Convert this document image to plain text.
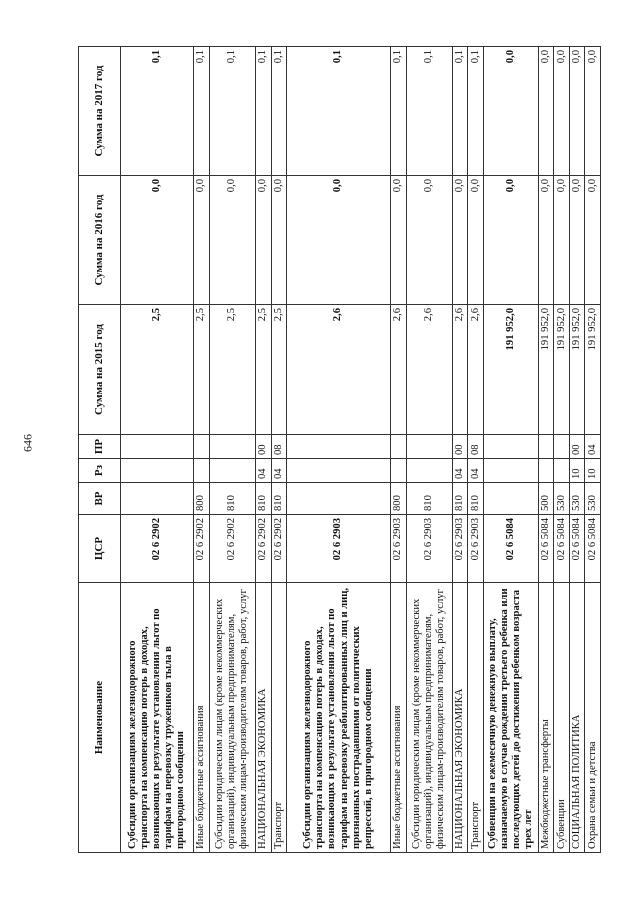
646
Наименование	ЦСР	ВР	Рз	ПР	Сумма на 2015 год	Сумма на 2016 год	Сумма на 2017 год
Субсидии организациям железнодорожного транспорта на компенсацию потерь в доходах, возникающих в результате установления льгот по тарифам на перевозку тружеников тыла в пригородном сообщении	02 6 2902				2,5	0,0	0,1
Иные бюджетные ассигнования	02 6 2902	800			2,5	0,0	0,1
Субсидии юридическим лицам (кроме некоммерческих организаций), индивидуальным предпринимателям, физическим лицам-производителям товаров, работ, услуг	02 6 2902	810			2,5	0,0	0,1
НАЦИОНАЛЬНАЯ ЭКОНОМИКА	02 6 2902	810	04	00	2,5	0,0	0,1
Транспорт	02 6 2902	810	04	08	2,5	0,0	0,1
Субсидии организациям железнодорожного транспорта на компенсацию потерь в доходах, возникающих в результате установления льгот по тарифам на перевозку реабилитированных лиц и лиц, признанных пострадавшими от политических репрессий, в пригородном сообщении	02 6 2903				2,6	0,0	0,1
Иные бюджетные ассигнования	02 6 2903	800			2,6	0,0	0,1
Субсидии юридическим лицам (кроме некоммерческих организаций), индивидуальным предпринимателям, физическим лицам-производителям товаров, работ, услуг	02 6 2903	810			2,6	0,0	0,1
НАЦИОНАЛЬНАЯ ЭКОНОМИКА	02 6 2903	810	04	00	2,6	0,0	0,1
Транспорт	02 6 2903	810	04	08	2,6	0,0	0,1
Субвенции на ежемесячную денежную выплату, назначаемую в случае рождения третьего ребенка или последующих детей до достижения ребенком возраста трех лет	02 6 5084				191 952,0	0,0	0,0
Межбюджетные трансферты	02 6 5084	500			191 952,0	0,0	0,0
Субвенции	02 6 5084	530			191 952,0	0,0	0,0
СОЦИАЛЬНАЯ ПОЛИТИКА	02 6 5084	530	10	00	191 952,0	0,0	0,0
Охрана семьи и детства	02 6 5084	530	10	04	191 952,0	0,0	0,0
